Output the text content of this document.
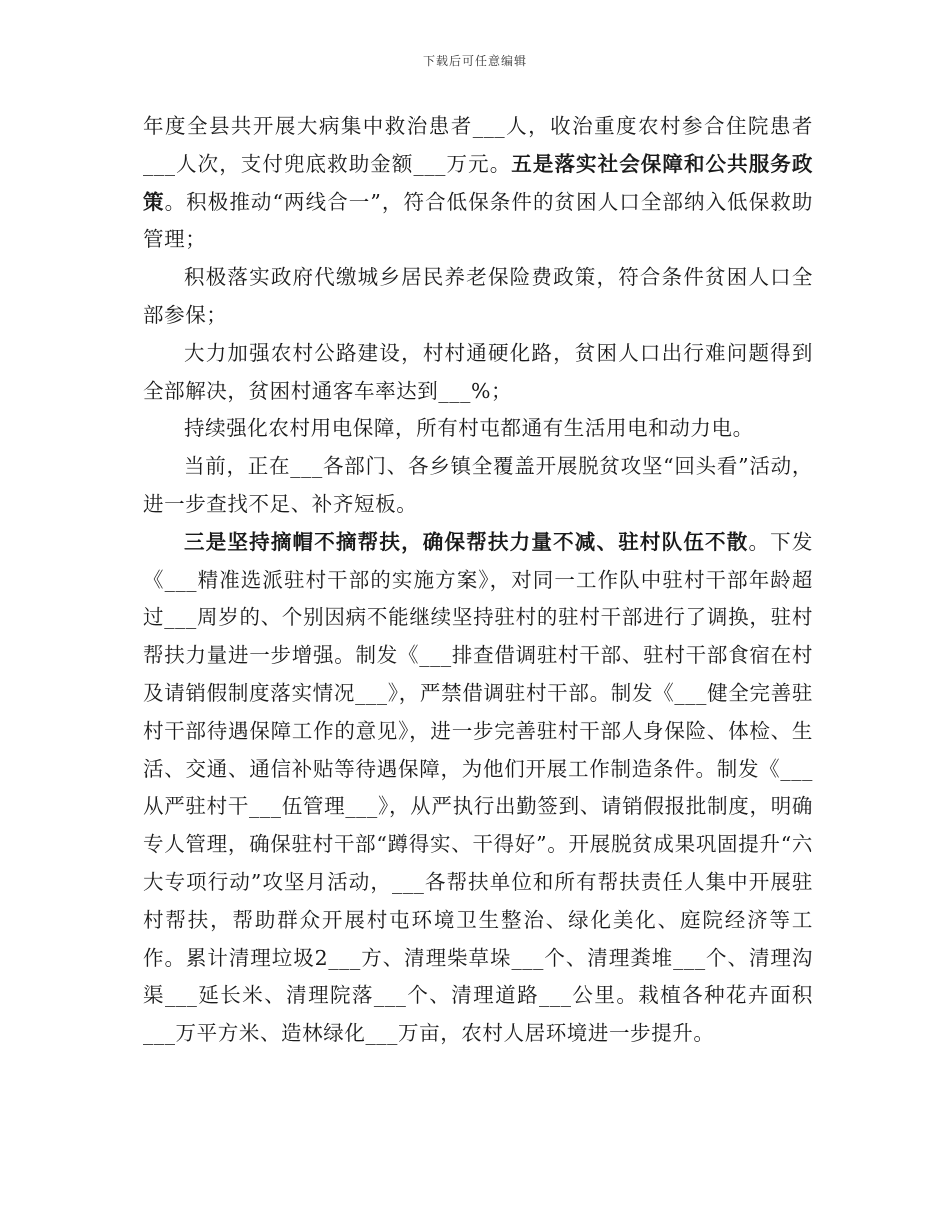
下载后可任意编辑

年度全县共开展大病集中救治患者___人，收治重度农村参合住院患者___人次，支付兜底救助金额___万元。五是落实社会保障和公共服务政策。积极推动“两线合一”，符合低保条件的贫困人口全部纳入低保救助管理；

积极落实政府代缴城乡居民养老保险费政策，符合条件贫困人口全部参保；

大力加强农村公路建设，村村通硬化路，贫困人口出行难问题得到全部解决，贫困村通客车率达到___%；

持续强化农村用电保障，所有村屯都通有生活用电和动力电。

当前，正在___各部门、各乡镇全覆盖开展脱贫攻坚“回头看”活动，进一步查找不足、补齐短板。

三是坚持摘帽不摘帮扶，确保帮扶力量不减、驻村队伍不散。下发《___精准选派驻村干部的实施方案》，对同一工作队中驻村干部年龄超过___周岁的、个别因病不能继续坚持驻村的驻村干部进行了调换，驻村帮扶力量进一步增强。制发《___排查借调驻村干部、驻村干部食宿在村及请销假制度落实情况___》，严禁借调驻村干部。制发《___健全完善驻村干部待遇保障工作的意见》，进一步完善驻村干部人身保险、体检、生活、交通、通信补贴等待遇保障，为他们开展工作制造条件。制发《___从严驻村干___伍管理___》，从严执行出勤签到、请销假报批制度，明确专人管理，确保驻村干部“蹲得实、干得好”。开展脱贫成果巩固提升“六大专项行动”攻坚月活动，___各帮扶单位和所有帮扶责任人集中开展驻村帮扶，帮助群众开展村屯环境卫生整治、绿化美化、庭院经济等工作。累计清理垃圾2___方、清理柴草垛___个、清理粪堆___个、清理沟渠___延长米、清理院落___个、清理道路___公里。栽植各种花卉面积___万平方米、造林绿化___万亩，农村人居环境进一步提升。
